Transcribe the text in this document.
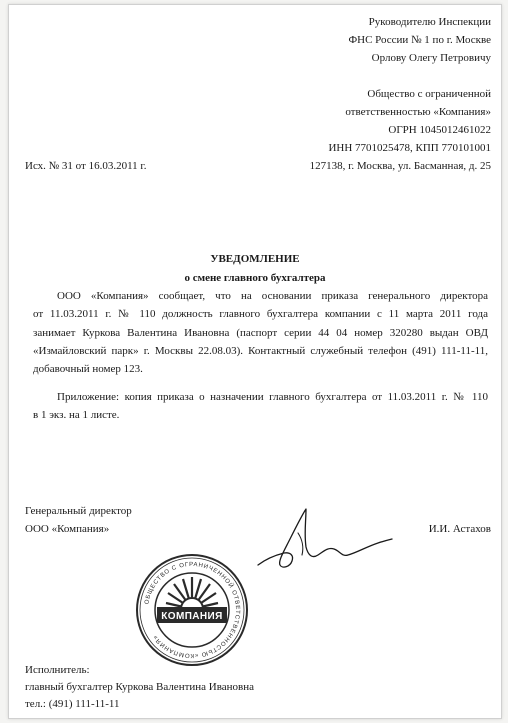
Руководителю Инспекции
ФНС России № 1 по г. Москве
Орлову Олегу Петровичу
Общество с ограниченной
ответственностью «Компания»
ОГРН 1045012461022
ИНН 7701025478, КПП 770101001
127138, г. Москва, ул. Басманная, д. 25
Исх. № 31 от 16.03.2011 г.
УВЕДОМЛЕНИЕ
о смене главного бухгалтера
ООО «Компания» сообщает, что на основании приказа генерального директора
от 11.03.2011 г. № 110 должность главного бухгалтера компании с 11 марта 2011 года
занимает Куркова Валентина Ивановна (паспорт серии 44 04 номер 320280 выдан ОВД
«Измайловский парк» г. Москвы 22.08.03). Контактный служебный телефон (491) 111-11-11,
добавочный номер 123.
Приложение: копия приказа о назначении главного бухгалтера от 11.03.2011 г. № 110
в 1 экз. на 1 листе.
Генеральный директор
ООО «Компания»	И.И. Астахов
ОБЩЕСТВО С ОГРАНИЧЕННОЙ ОТВЕТСТВЕННОСТЬЮ «КОМПАНИЯ»
КОМПАНИЯ
Исполнитель:
главный бухгалтер Куркова Валентина Ивановна
тел.: (491) 111-11-11
